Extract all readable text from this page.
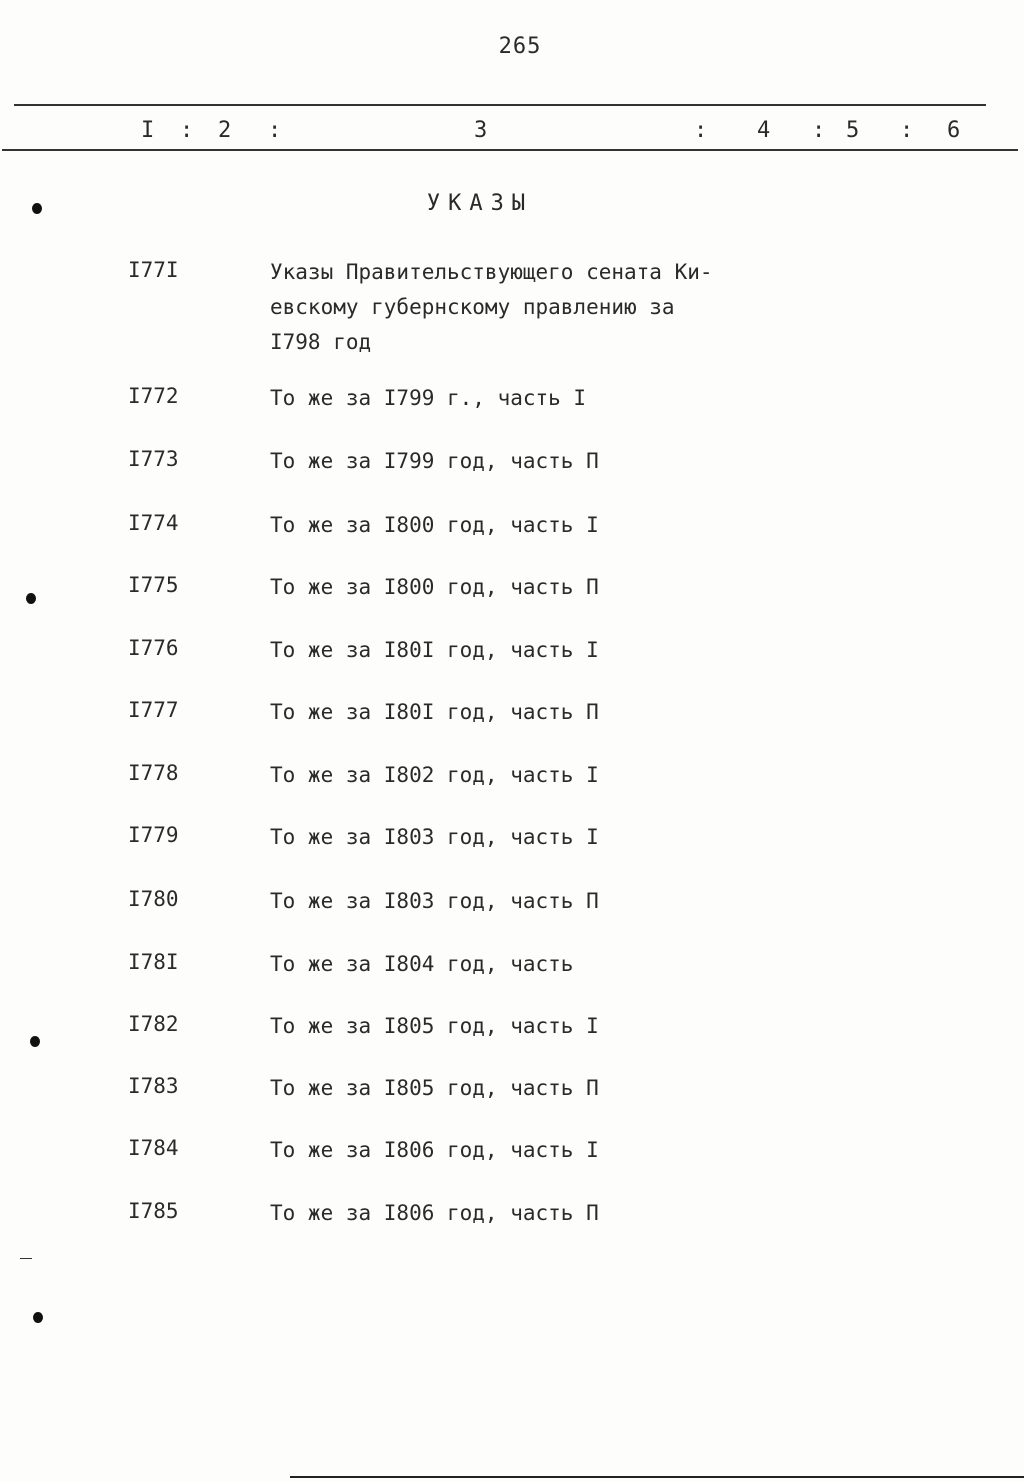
265
I : 2 :	3	: 4 : 5 : 6
УКАЗЫ
I77I	Указы Правительствующего сената Ки-
евскому губернскому правлению за
I798 год
I772	То же за I799 г., часть I
I773	То же за I799 год, часть П
I774	То же за I800 год, часть I
I775	То же за I800 год, часть П
I776	То же за I80I год, часть I
I777	То же за I80I год, часть П
I778	То же за I802 год, часть I
I779	То же за I803 год, часть I
I780	То же за I803 год, часть П
I78I	То же за I804 год, часть
I782	То же за I805 год, часть I
I783	То же за I805 год, часть П
I784	То же за I806 год, часть I
I785	То же за I806 год, часть П
